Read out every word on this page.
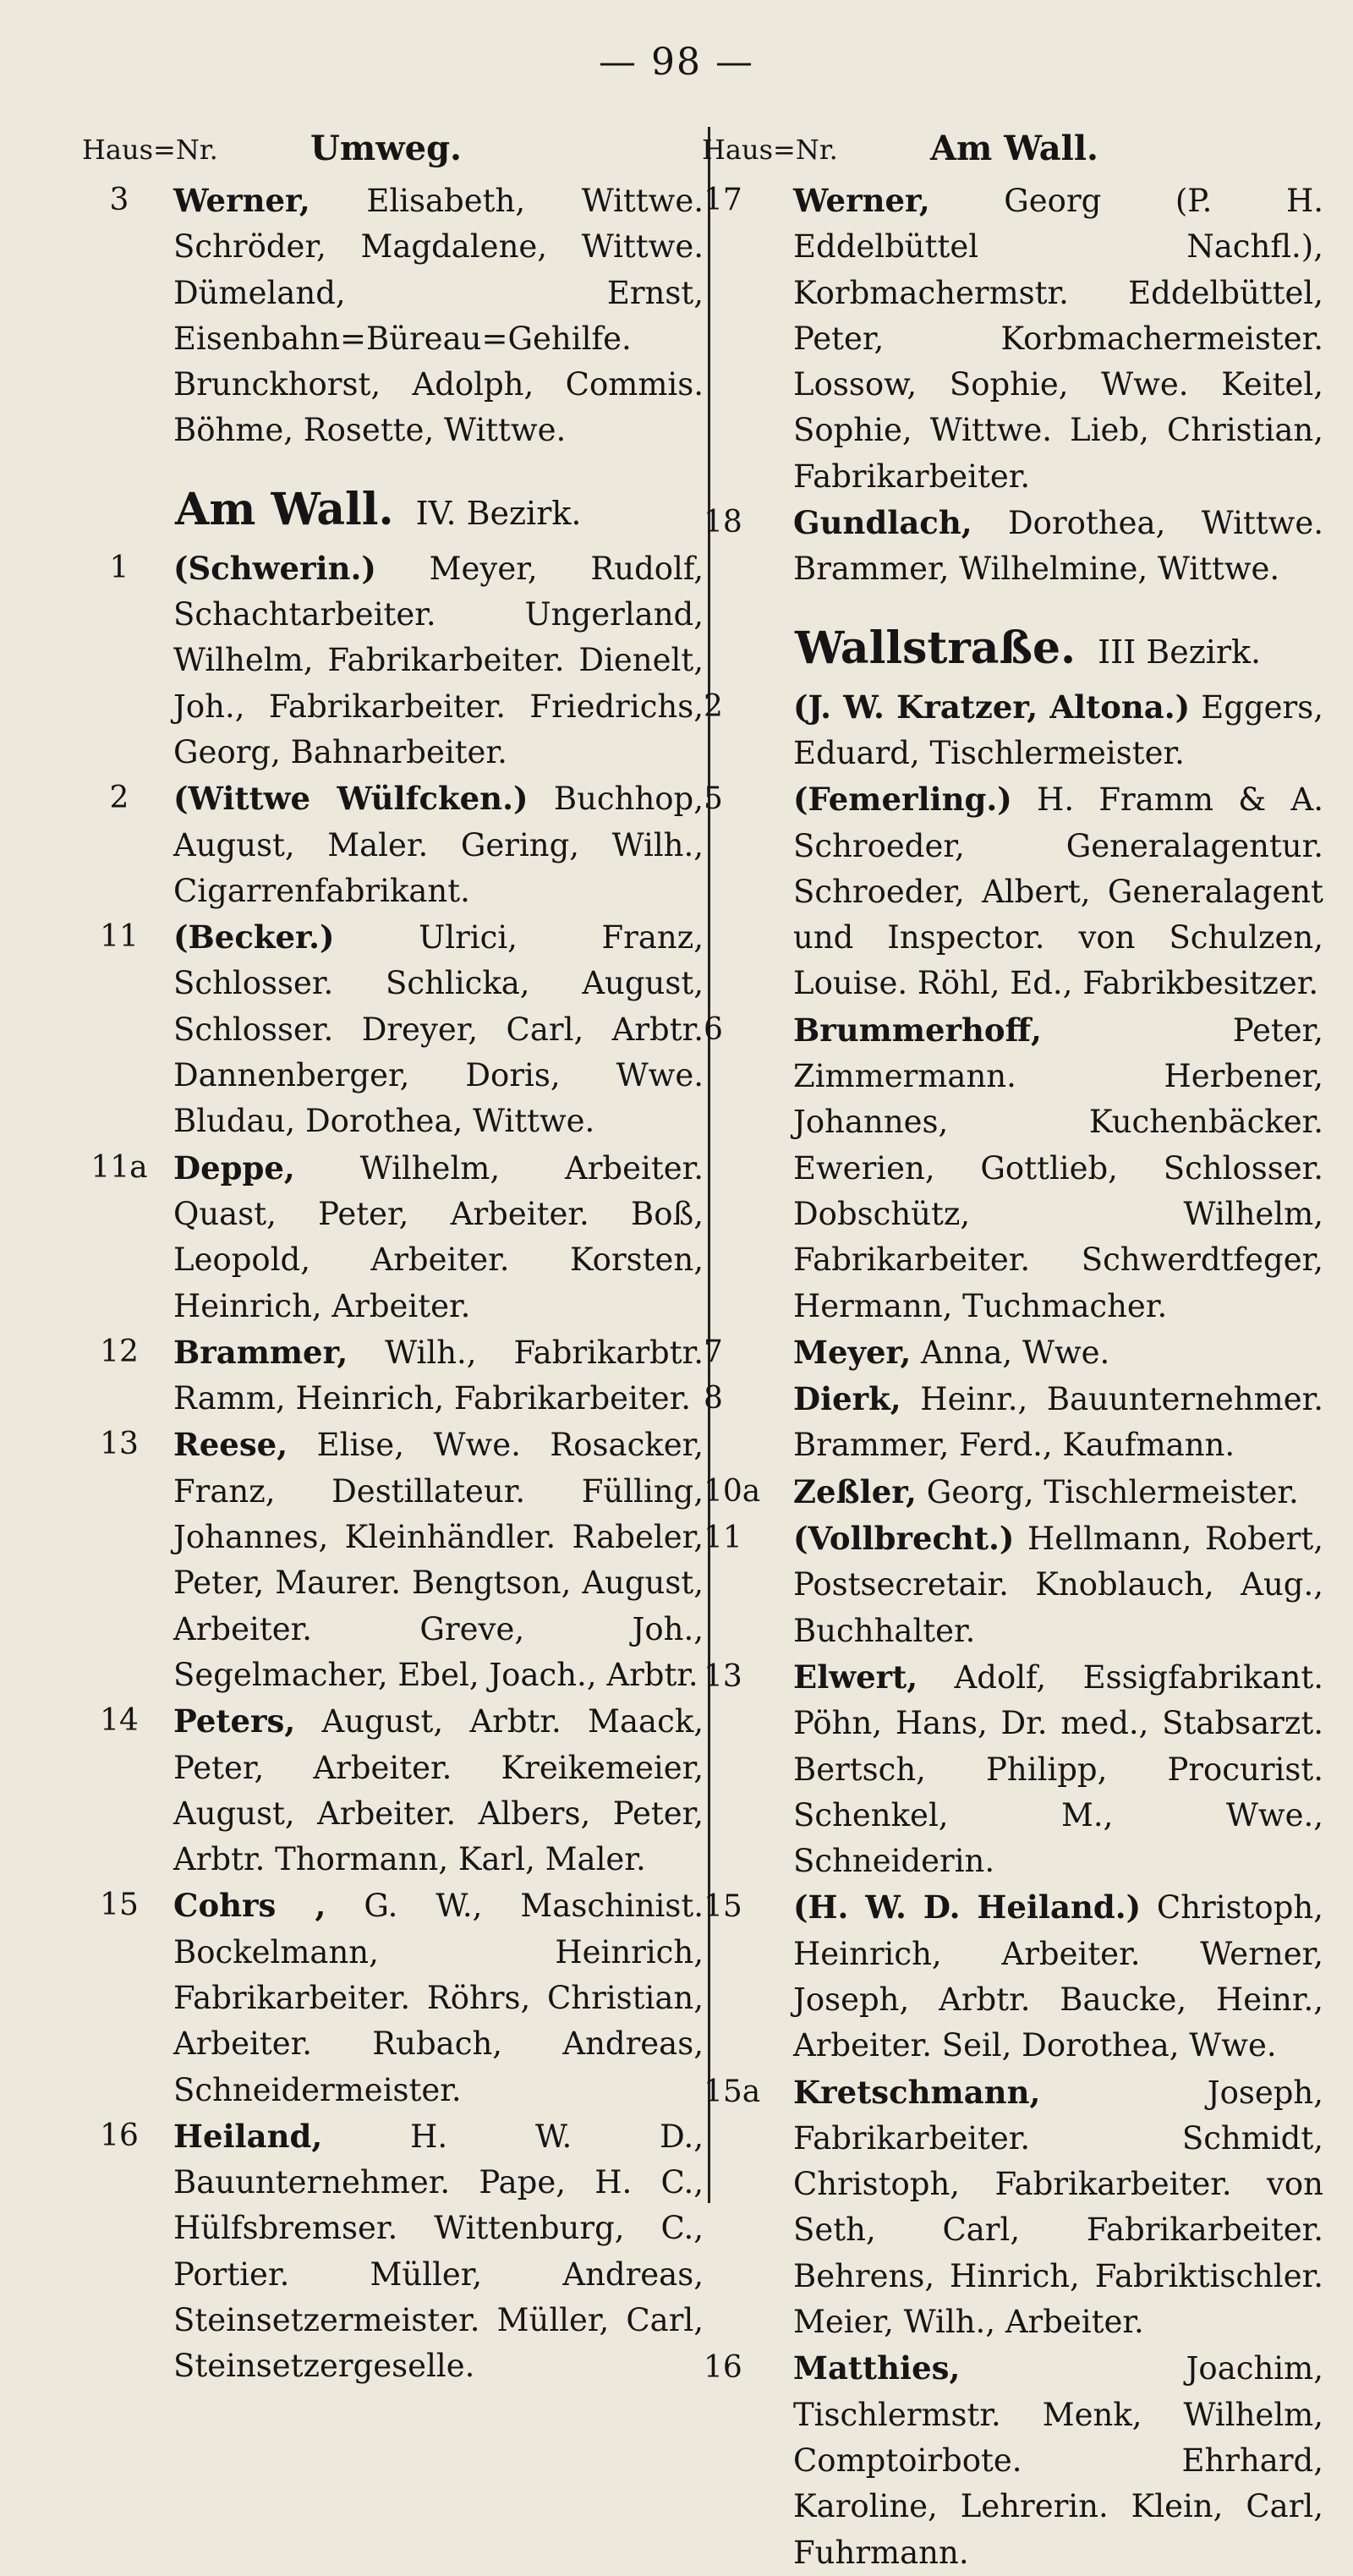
— 98 —
Haus=Nr.	Umweg.
3	Werner, Elisabeth, Wittwe. Schröder, Magdalene, Wittwe. Dümeland, Ernst, Eisenbahn=Büreau=Gehilfe. Brunckhorst, Adolph, Commis. Böhme, Rosette, Wittwe.
Am Wall. IV. Bezirk.
1	(Schwerin.) Meyer, Rudolf, Schachtarbeiter. Ungerland, Wilhelm, Fabrikarbeiter. Dienelt, Joh., Fabrikarbeiter. Friedrichs, Georg, Bahnarbeiter.
2	(Wittwe Wülfcken.) Buchhop, August, Maler. Gering, Wilh., Cigarrenfabrikant.
11	(Becker.) Ulrici, Franz, Schlosser. Schlicka, August, Schlosser. Dreyer, Carl, Arbtr. Dannenberger, Doris, Wwe. Bludau, Dorothea, Wittwe.
11a Deppe, Wilhelm, Arbeiter. Quast, Peter, Arbeiter. Boß, Leopold, Arbeiter. Korsten, Heinrich, Arbeiter.
12	Brammer, Wilh., Fabrikarbtr. Ramm, Heinrich, Fabrikarbeiter.
13	Reese, Elise, Wwe. Rosacker, Franz, Destillateur. Fülling, Johannes, Kleinhändler. Rabeler, Peter, Maurer. Bengtson, August, Arbeiter. Greve, Joh., Segelmacher, Ebel, Joach., Arbtr.
14	Peters, August, Arbtr. Maack, Peter, Arbeiter. Kreikemeier, August, Arbeiter. Albers, Peter, Arbtr. Thormann, Karl, Maler.
15	Cohrs , G. W., Maschinist. Bockelmann, Heinrich, Fabrikarbeiter. Röhrs, Christian, Arbeiter. Rubach, Andreas, Schneidermeister.
16	Heiland, H. W. D., Bauunternehmer. Pape, H. C., Hülfsbremser. Wittenburg, C., Portier. Müller, Andreas, Steinsetzermeister. Müller, Carl, Steinsetzergeselle.
Haus=Nr.	Am Wall.
17	Werner, Georg (P. H. Eddelbüttel Nachfl.), Korbmachermstr. Eddelbüttel, Peter, Korbmachermeister. Lossow, Sophie, Wwe. Keitel, Sophie, Wittwe. Lieb, Christian, Fabrikarbeiter.
18	Gundlach, Dorothea, Wittwe. Brammer, Wilhelmine, Wittwe.
Wallstraße. III Bezirk.
2	(J. W. Kratzer, Altona.) Eggers, Eduard, Tischlermeister.
5	(Femerling.) H. Framm & A. Schroeder, Generalagentur. Schroeder, Albert, Generalagent und Inspector. von Schulzen, Louise. Röhl, Ed., Fabrikbesitzer.
6	Brummerhoff, Peter, Zimmermann. Herbener, Johannes, Kuchenbäcker. Ewerien, Gottlieb, Schlosser. Dobschütz, Wilhelm, Fabrikarbeiter. Schwerdtfeger, Hermann, Tuchmacher.
7	Meyer, Anna, Wwe.
8	Dierk, Heinr., Bauunternehmer. Brammer, Ferd., Kaufmann.
10a	Zeßler, Georg, Tischlermeister.
11	(Vollbrecht.) Hellmann, Robert, Postsecretair. Knoblauch, Aug., Buchhalter.
13	Elwert, Adolf, Essigfabrikant. Pöhn, Hans, Dr. med., Stabsarzt. Bertsch, Philipp, Procurist. Schenkel, M., Wwe., Schneiderin.
15	(H. W. D. Heiland.) Christoph, Heinrich, Arbeiter. Werner, Joseph, Arbtr. Baucke, Heinr., Arbeiter. Seil, Dorothea, Wwe.
15a	Kretschmann, Joseph, Fabrikarbeiter. Schmidt, Christoph, Fabrikarbeiter. von Seth, Carl, Fabrikarbeiter. Behrens, Hinrich, Fabriktischler. Meier, Wilh., Arbeiter.
16	Matthies, Joachim, Tischlermstr. Menk, Wilhelm, Comptoirbote. Ehrhard, Karoline, Lehrerin. Klein, Carl, Fuhrmann.
